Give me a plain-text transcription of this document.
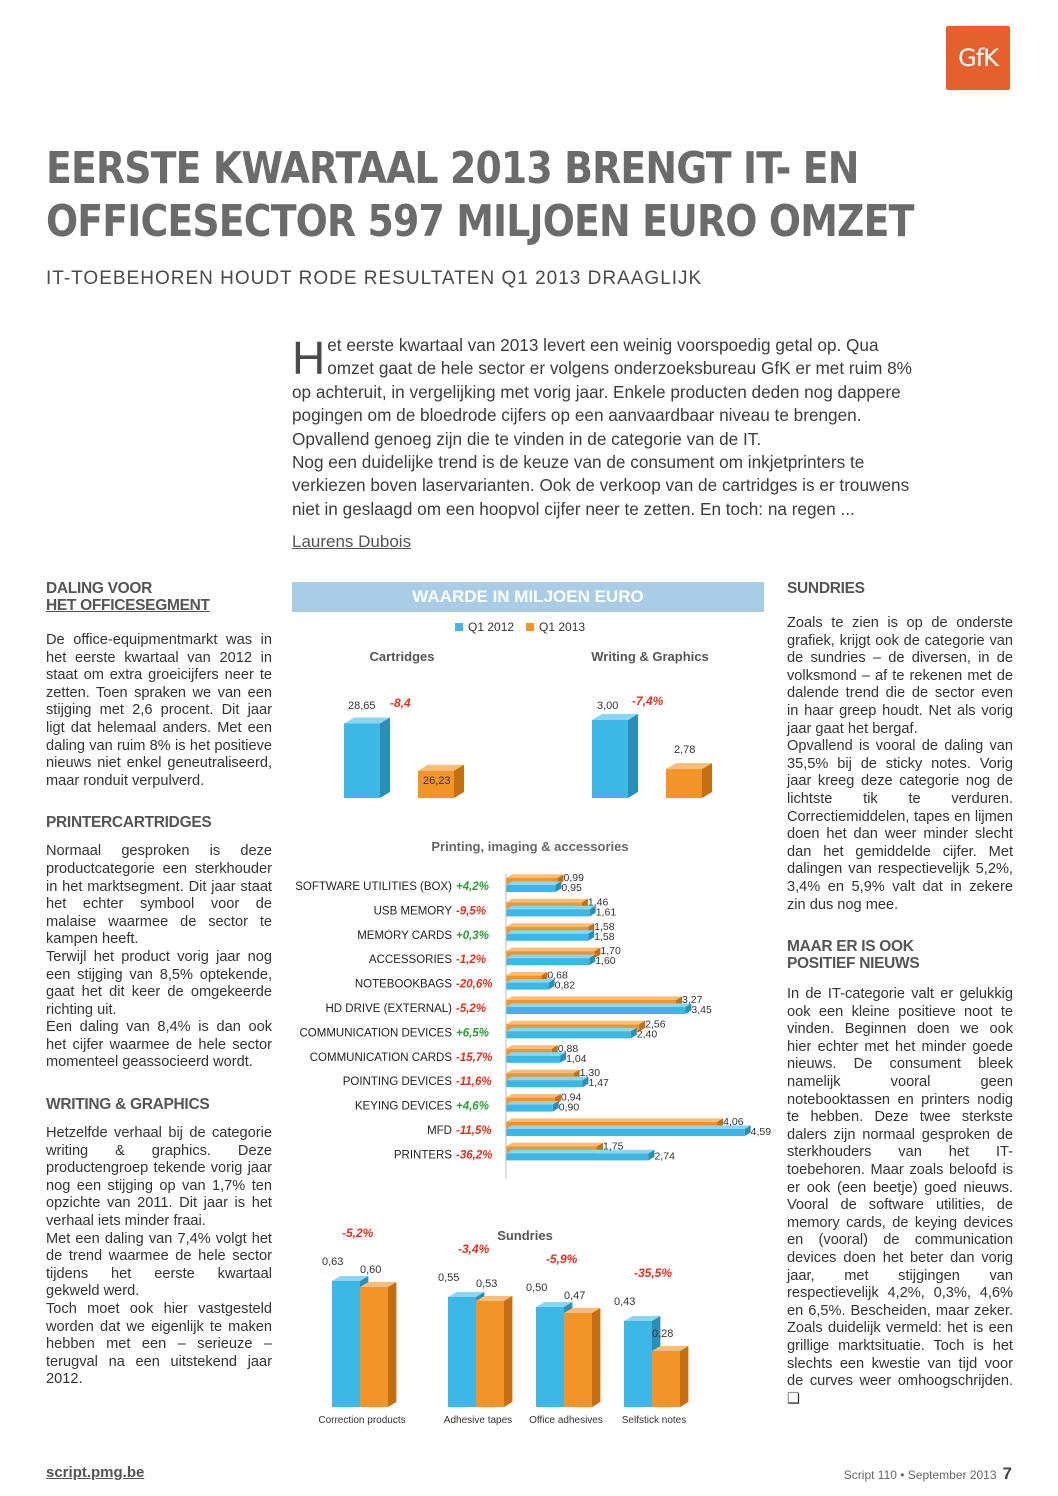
GfK
EERSTE KWARTAAL 2013 BRENGT IT- EN
OFFICESECTOR 597 MILJOEN EURO OMZET
IT-TOEBEHOREN HOUDT RODE RESULTATEN Q1 2013 DRAAGLIJK
Het eerste kwartaal van 2013 levert een weinig voorspoedig getal op. Qua omzet gaat de hele sector er volgens onderzoeksbureau GfK er met ruim 8% op achteruit, in vergelijking met vorig jaar. Enkele producten deden nog dappere pogingen om de bloedrode cijfers op een aanvaardbaar niveau te brengen. Opvallend genoeg zijn die te vinden in de categorie van de IT.
Nog een duidelijke trend is de keuze van de consument om inkjetprinters te verkiezen boven laservarianten. Ook de verkoop van de cartridges is er trouwens niet in geslaagd om een hoopvol cijfer neer te zetten. En toch: na regen ...
Laurens Dubois
DALING VOOR
HET OFFICESEGMENT

De office-equipmentmarkt was in het eerste kwartaal van 2012 in staat om extra groeicijfers neer te zetten. Toen spraken we van een stijging met 2,6 procent. Dit jaar ligt dat helemaal anders. Met een daling van ruim 8% is het positieve nieuws niet enkel geneutraliseerd, maar ronduit verpulverd.

PRINTERCARTRIDGES

Normaal gesproken is deze productcategorie een sterkhouder in het marktsegment. Dit jaar staat het echter symbool voor de malaise waarmee de sector te kampen heeft.

Terwijl het product vorig jaar nog een stijging van 8,5% optekende, gaat het dit keer de omgekeerde richting uit.

Een daling van 8,4% is dan ook het cijfer waarmee de hele sector momenteel geassocieerd wordt.

WRITING & GRAPHICS

Hetzelfde verhaal bij de categorie writing & graphics. Deze productengroep tekende vorig jaar nog een stijging op van 1,7% ten opzichte van 2011. Dit jaar is het verhaal iets minder fraai.

Met een daling van 7,4% volgt het de trend waarmee de hele sector tijdens het eerste kwartaal gekweld werd.

Toch moet ook hier vastgesteld worden dat we eigenlijk te maken hebben met een – serieuze – terugval na een uitstekend jaar 2012.

SUNDRIES

Zoals te zien is op de onderste grafiek, krijgt ook de categorie van de sundries – de diversen, in de volksmond – af te rekenen met de dalende trend die de sector even in haar greep houdt. Net als vorig jaar gaat het bergaf.

Opvallend is vooral de daling van 35,5% bij de sticky notes. Vorig jaar kreeg deze categorie nog de lichtste tik te verduren. Correctiemiddelen, tapes en lijmen doen het dan weer minder slecht dan het gemiddelde cijfer. Met dalingen van respectievelijk 5,2%, 3,4% en 5,9% valt dat in zekere zin dus nog mee.

MAAR ER IS OOK
POSITIEF NIEUWS

In de IT-categorie valt er gelukkig ook een kleine positieve noot te vinden. Beginnen doen we ook hier echter met het minder goede nieuws. De consument bleek namelijk vooral geen notebooktassen en printers nodig te hebben. Deze twee sterkste dalers zijn normaal gesproken de sterkhouders van het IT-toebehoren. Maar zoals beloofd is er ook (een beetje) goed nieuws. Vooral de software utilities, de memory cards, de keying devices en (vooral) de communication devices doen het beter dan vorig jaar, met stijgingen van respectievelijk 4,2%, 0,3%, 4,6% en 6,5%. Bescheiden, maar zeker. Zoals duidelijk vermeld: het is een grillige marktsituatie. Toch is het slechts een kwestie van tijd voor de curves weer omhoogschrijden. ❑

WAARDE IN MILJOEN EURO
Q1 2012 Q1 2013
Cartridges
28,65 -8,4
26,23
Writing & Graphics
3,00 -7,4%
2,78
Printing, imaging & accessories
SOFTWARE UTILITIES (BOX) +4,2%
0,99
0,95
USB MEMORY -9,5%
1,46
1,61
MEMORY CARDS +0,3%
1,58
1,58
ACCESSORIES -1,2%
1,70
1,60
NOTEBOOKBAGS -20,6%
0,68
0,82
HD DRIVE (EXTERNAL) -5,2%
3,27
3,45
COMMUNICATION DEVICES +6,5%
2,56
2,40
COMMUNICATION CARDS -15,7%
0,88
1,04
POINTING DEVICES -11,6%
1,30
1,47
KEYING DEVICES +4,6%
0,94
0,90
MFD -11,5%
4,06
4,59
PRINTERS -36,2%
1,75
2,74
Sundries
0,63
0,60
-5,2%
Correction products
0,55 0,53
-3,4%
Adhesive tapes
0,50
0,47
-5,9%
Office adhesives
0,43
0,28
-35,5%
Selfstick notes
script.pmg.be	Script 110 • September 2013 7
